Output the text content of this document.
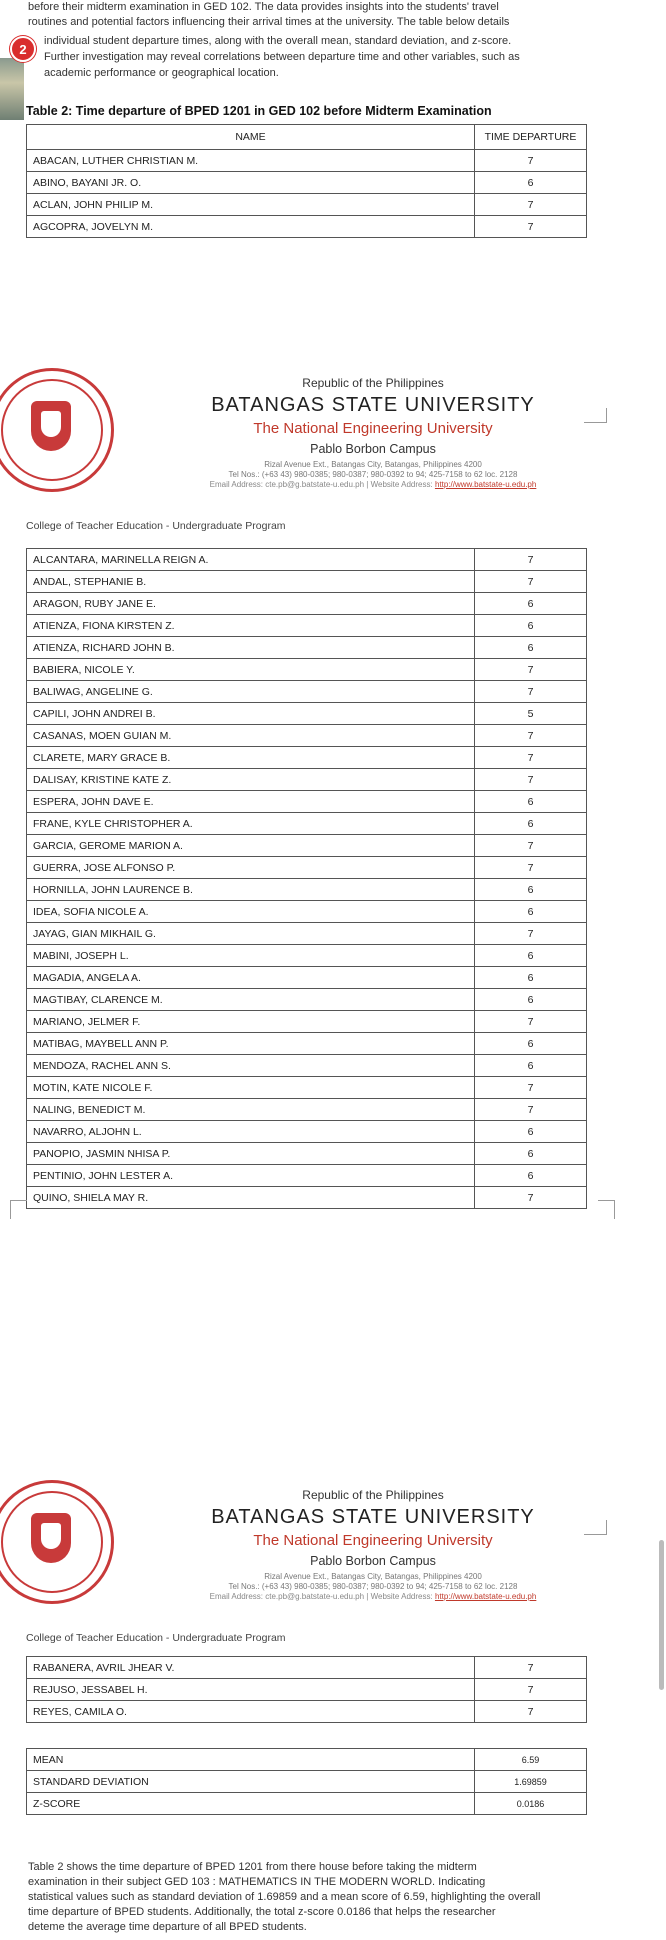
before their midterm examination in GED 102. The data provides insights into the students' travel
routines and potential factors influencing their arrival times at the university. The table below details
individual student departure times, along with the overall mean, standard deviation, and z-score.
Further investigation may reveal correlations between departure time and other variables, such as
academic performance or geographical location.
2
Table 2: Time departure of BPED 1201 in GED 102 before Midterm Examination
NAME	TIME DEPARTURE
ABACAN, LUTHER CHRISTIAN M.	7
ABINO, BAYANI JR. O.	6
ACLAN, JOHN PHILIP M.	7
AGCOPRA, JOVELYN M.	7
Republic of the Philippines
BATANGAS STATE UNIVERSITY
The National Engineering University
Pablo Borbon Campus
Rizal Avenue Ext., Batangas City, Batangas, Philippines 4200
Tel Nos.: (+63 43) 980-0385; 980-0387; 980-0392 to 94; 425-7158 to 62 loc. 2128
Email Address: cte.pb@g.batstate-u.edu.ph | Website Address: http://www.batstate-u.edu.ph
College of Teacher Education - Undergraduate Program
ALCANTARA, MARINELLA REIGN A.	7
ANDAL, STEPHANIE B.	7
ARAGON, RUBY JANE E.	6
ATIENZA, FIONA KIRSTEN Z.	6
ATIENZA, RICHARD JOHN B.	6
BABIERA, NICOLE Y.	7
BALIWAG, ANGELINE G.	7
CAPILI, JOHN ANDREI B.	5
CASANAS, MOEN GUIAN M.	7
CLARETE, MARY GRACE B.	7
DALISAY, KRISTINE KATE Z.	7
ESPERA, JOHN DAVE E.	6
FRANE, KYLE CHRISTOPHER A.	6
GARCIA, GEROME MARION A.	7
GUERRA, JOSE ALFONSO P.	7
HORNILLA, JOHN LAURENCE B.	6
IDEA, SOFIA NICOLE A.	6
JAYAG, GIAN MIKHAIL G.	7
MABINI, JOSEPH L.	6
MAGADIA, ANGELA A.	6
MAGTIBAY, CLARENCE M.	6
MARIANO, JELMER F.	7
MATIBAG, MAYBELL ANN P.	6
MENDOZA, RACHEL ANN S.	6
MOTIN, KATE NICOLE F.	7
NALING, BENEDICT M.	7
NAVARRO, ALJOHN L.	6
PANOPIO, JASMIN NHISA P.	6
PENTINIO, JOHN LESTER A.	6
QUINO, SHIELA MAY R.	7
Republic of the Philippines
BATANGAS STATE UNIVERSITY
The National Engineering University
Pablo Borbon Campus
Rizal Avenue Ext., Batangas City, Batangas, Philippines 4200
Tel Nos.: (+63 43) 980-0385; 980-0387; 980-0392 to 94; 425-7158 to 62 loc. 2128
Email Address: cte.pb@g.batstate-u.edu.ph | Website Address: http://www.batstate-u.edu.ph
College of Teacher Education - Undergraduate Program
RABANERA, AVRIL JHEAR V.	7
REJUSO, JESSABEL H.	7
REYES, CAMILA O.	7
MEAN	6.59
STANDARD DEVIATION	1.69859
Z-SCORE	0.0186
Table 2 shows the time departure of BPED 1201 from there house before taking the midterm
examination in their subject GED 103 : MATHEMATICS IN THE MODERN WORLD. Indicating
statistical values such as standard deviation of 1.69859 and a mean score of 6.59, highlighting the overall
time departure of BPED students. Additionally, the total z-score 0.0186 that helps the researcher
deteme the average time departure of all BPED students.
